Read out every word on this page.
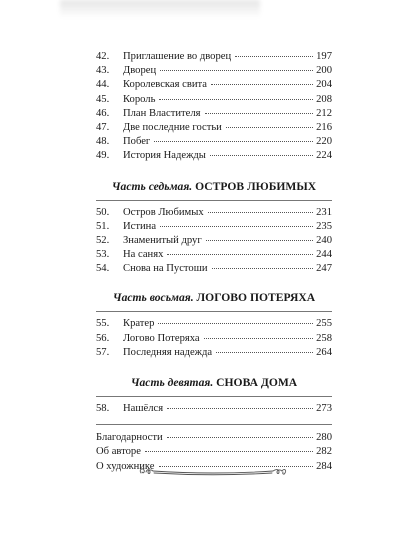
42.	Приглашение во дворец	197
43.	Дворец	200
44.	Королевская свита	204
45.	Король	208
46.	План Властителя	212
47.	Две последние гостьи	216
48.	Побег	220
49.	История Надежды	224
Часть седьмая. ОСТРОВ ЛЮБИМЫХ
50.	Остров Любимых	231
51.	Истина	235
52.	Знаменитый друг	240
53.	На санях	244
54.	Снова на Пустоши	247
Часть восьмая. ЛОГОВО ПОТЕРЯХА
55.	Кратер	255
56.	Логово Потеряха	258
57.	Последняя надежда	264
Часть девятая. СНОВА ДОМА
58.	Нашёлся	273
Благодарности	280
Об авторе	282
О художнике	284
